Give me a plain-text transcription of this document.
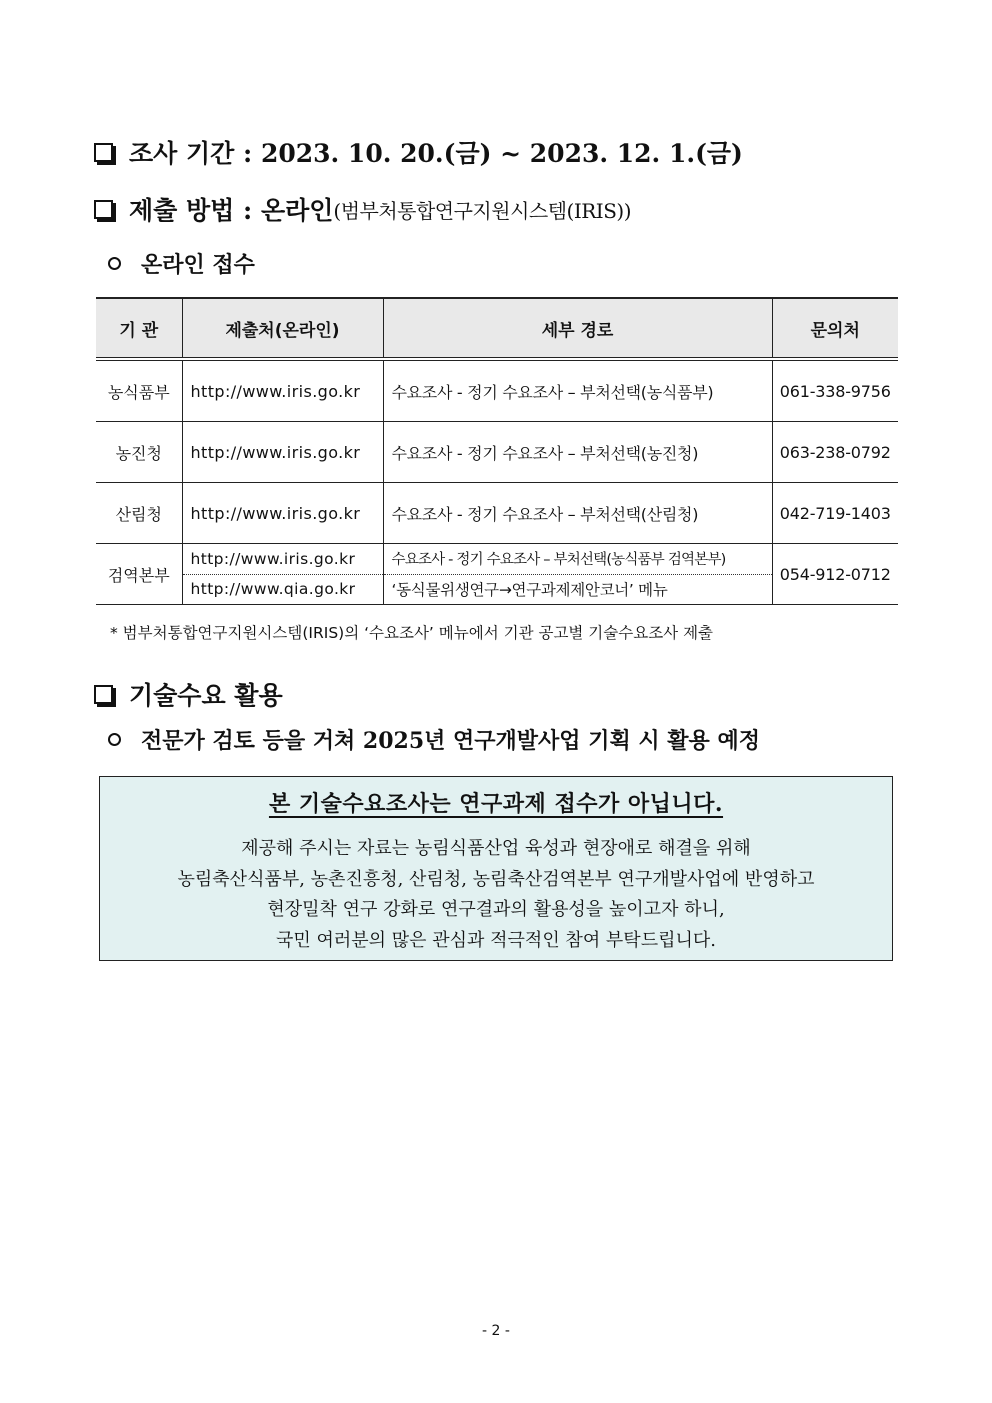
조사 기간 : 2023. 10. 20.(금) ~ 2023. 12. 1.(금)
제출 방법 : 온라인 (범부처통합연구지원시스템(IRIS))
온라인 접수
기 관	제출처(온라인)	세부 경로	문의처
농식품부	http://www.iris.go.kr	수요조사 - 정기 수요조사 – 부처선택(농식품부)	061-338-9756
농진청	http://www.iris.go.kr	수요조사 - 정기 수요조사 – 부처선택(농진청)	063-238-0792
산림청	http://www.iris.go.kr	수요조사 - 정기 수요조사 – 부처선택(산림청)	042-719-1403
검역본부	http://www.iris.go.kr	수요조사 - 정기 수요조사 – 부처선택(농식품부 검역본부)	054-912-0712
	http://www.qia.go.kr	‘동식물위생연구→연구과제제안코너’ 메뉴	
* 범부처통합연구지원시스템(IRIS)의 ‘수요조사’ 메뉴에서 기관 공고별 기술수요조사 제출
기술수요 활용
전문가 검토 등을 거쳐 2025년 연구개발사업 기획 시 활용 예정
본 기술수요조사는 연구과제 접수가 아닙니다.
제공해 주시는 자료는 농림식품산업 육성과 현장애로 해결을 위해
농림축산식품부, 농촌진흥청, 산림청, 농림축산검역본부 연구개발사업에 반영하고
현장밀착 연구 강화로 연구결과의 활용성을 높이고자 하니,
국민 여러분의 많은 관심과 적극적인 참여 부탁드립니다.
- 2 -
